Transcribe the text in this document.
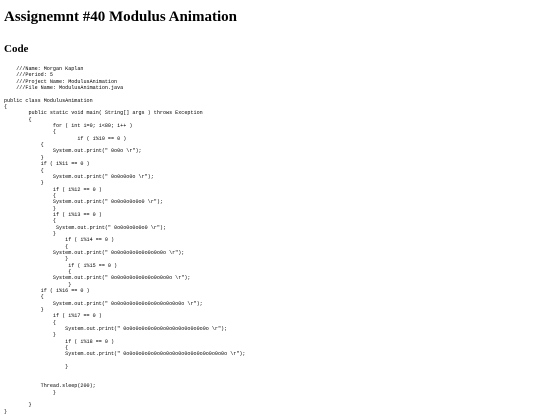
Assignemnt #40 Modulus Animation
Code
///Name: Morgan Kaplan
///Period: 5
///Project Name: ModulusAnimation
///File Name: ModulusAnimation.java

public class ModulusAnimation
{
public static void main( String[] args ) throws Exception
{
for ( int i=0; i<80; i++ )
{
if ( i%10 == 0 )
{
System.out.print(" 0o0o \r");
}
if ( i%11 == 0 )
{
System.out.print(" 0o0o0o0o \r");
}
if ( i%12 == 0 )
{
System.out.print(" 0o0o0o0o0o0 \r");
}
if ( i%13 == 0 )
{
System.out.print(" 0o0o0o0o0o0 \r");
}
if ( i%14 == 0 )
{
System.out.print(" 0o0o0o0o0o0o0o0o0o \r");
}
if ( i%15 == 0 )
{
System.out.print(" 0o0o0o0o0o0o0o0o0o0o \r");
}
if ( i%16 == 0 )
{
System.out.print(" 0o0o0o0o0o0o0o0o0o0o0o0o \r");
}
if ( i%17 == 0 )
{
System.out.print(" 0o0o0o0o0o0o0o0o0o0o0o0o0o0o \r");
}
if ( i%18 == 0 )
{
System.out.print(" 0o0o0o0o0o0o0o0o0o0o0o0o0o0o0o0o0o \r");

}

Thread.sleep(200);
}

}
}
